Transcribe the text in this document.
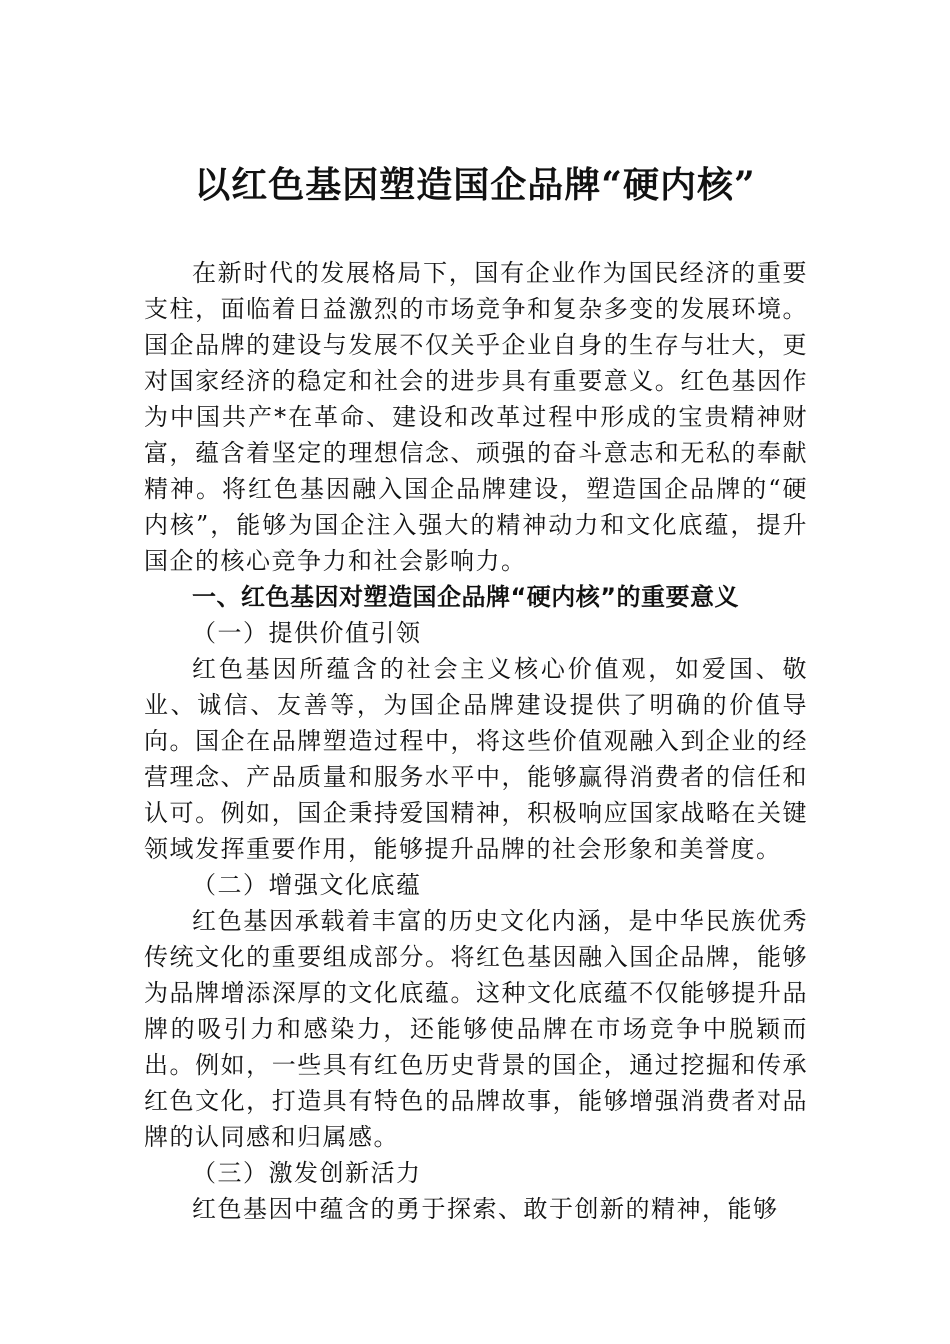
以红色基因塑造国企品牌“硬内核”

在新时代的发展格局下，国有企业作为国民经济的重要支柱，面临着日益激烈的市场竞争和复杂多变的发展环境。国企品牌的建设与发展不仅关乎企业自身的生存与壮大，更对国家经济的稳定和社会的进步具有重要意义。红色基因作为中国共产*在革命、建设和改革过程中形成的宝贵精神财富，蕴含着坚定的理想信念、顽强的奋斗意志和无私的奉献精神。将红色基因融入国企品牌建设，塑造国企品牌的“硬内核”，能够为国企注入强大的精神动力和文化底蕴，提升国企的核心竞争力和社会影响力。

一、红色基因对塑造国企品牌“硬内核”的重要意义

（一）提供价值引领

红色基因所蕴含的社会主义核心价值观，如爱国、敬业、诚信、友善等，为国企品牌建设提供了明确的价值导向。国企在品牌塑造过程中，将这些价值观融入到企业的经营理念、产品质量和服务水平中，能够赢得消费者的信任和认可。例如，国企秉持爱国精神，积极响应国家战略在关键领域发挥重要作用，能够提升品牌的社会形象和美誉度。

（二）增强文化底蕴

红色基因承载着丰富的历史文化内涵，是中华民族优秀传统文化的重要组成部分。将红色基因融入国企品牌，能够为品牌增添深厚的文化底蕴。这种文化底蕴不仅能够提升品牌的吸引力和感染力，还能够使品牌在市场竞争中脱颖而出。例如，一些具有红色历史背景的国企，通过挖掘和传承红色文化，打造具有特色的品牌故事，能够增强消费者对品牌的认同感和归属感。

（三）激发创新活力

红色基因中蕴含的勇于探索、敢于创新的精神，能够
